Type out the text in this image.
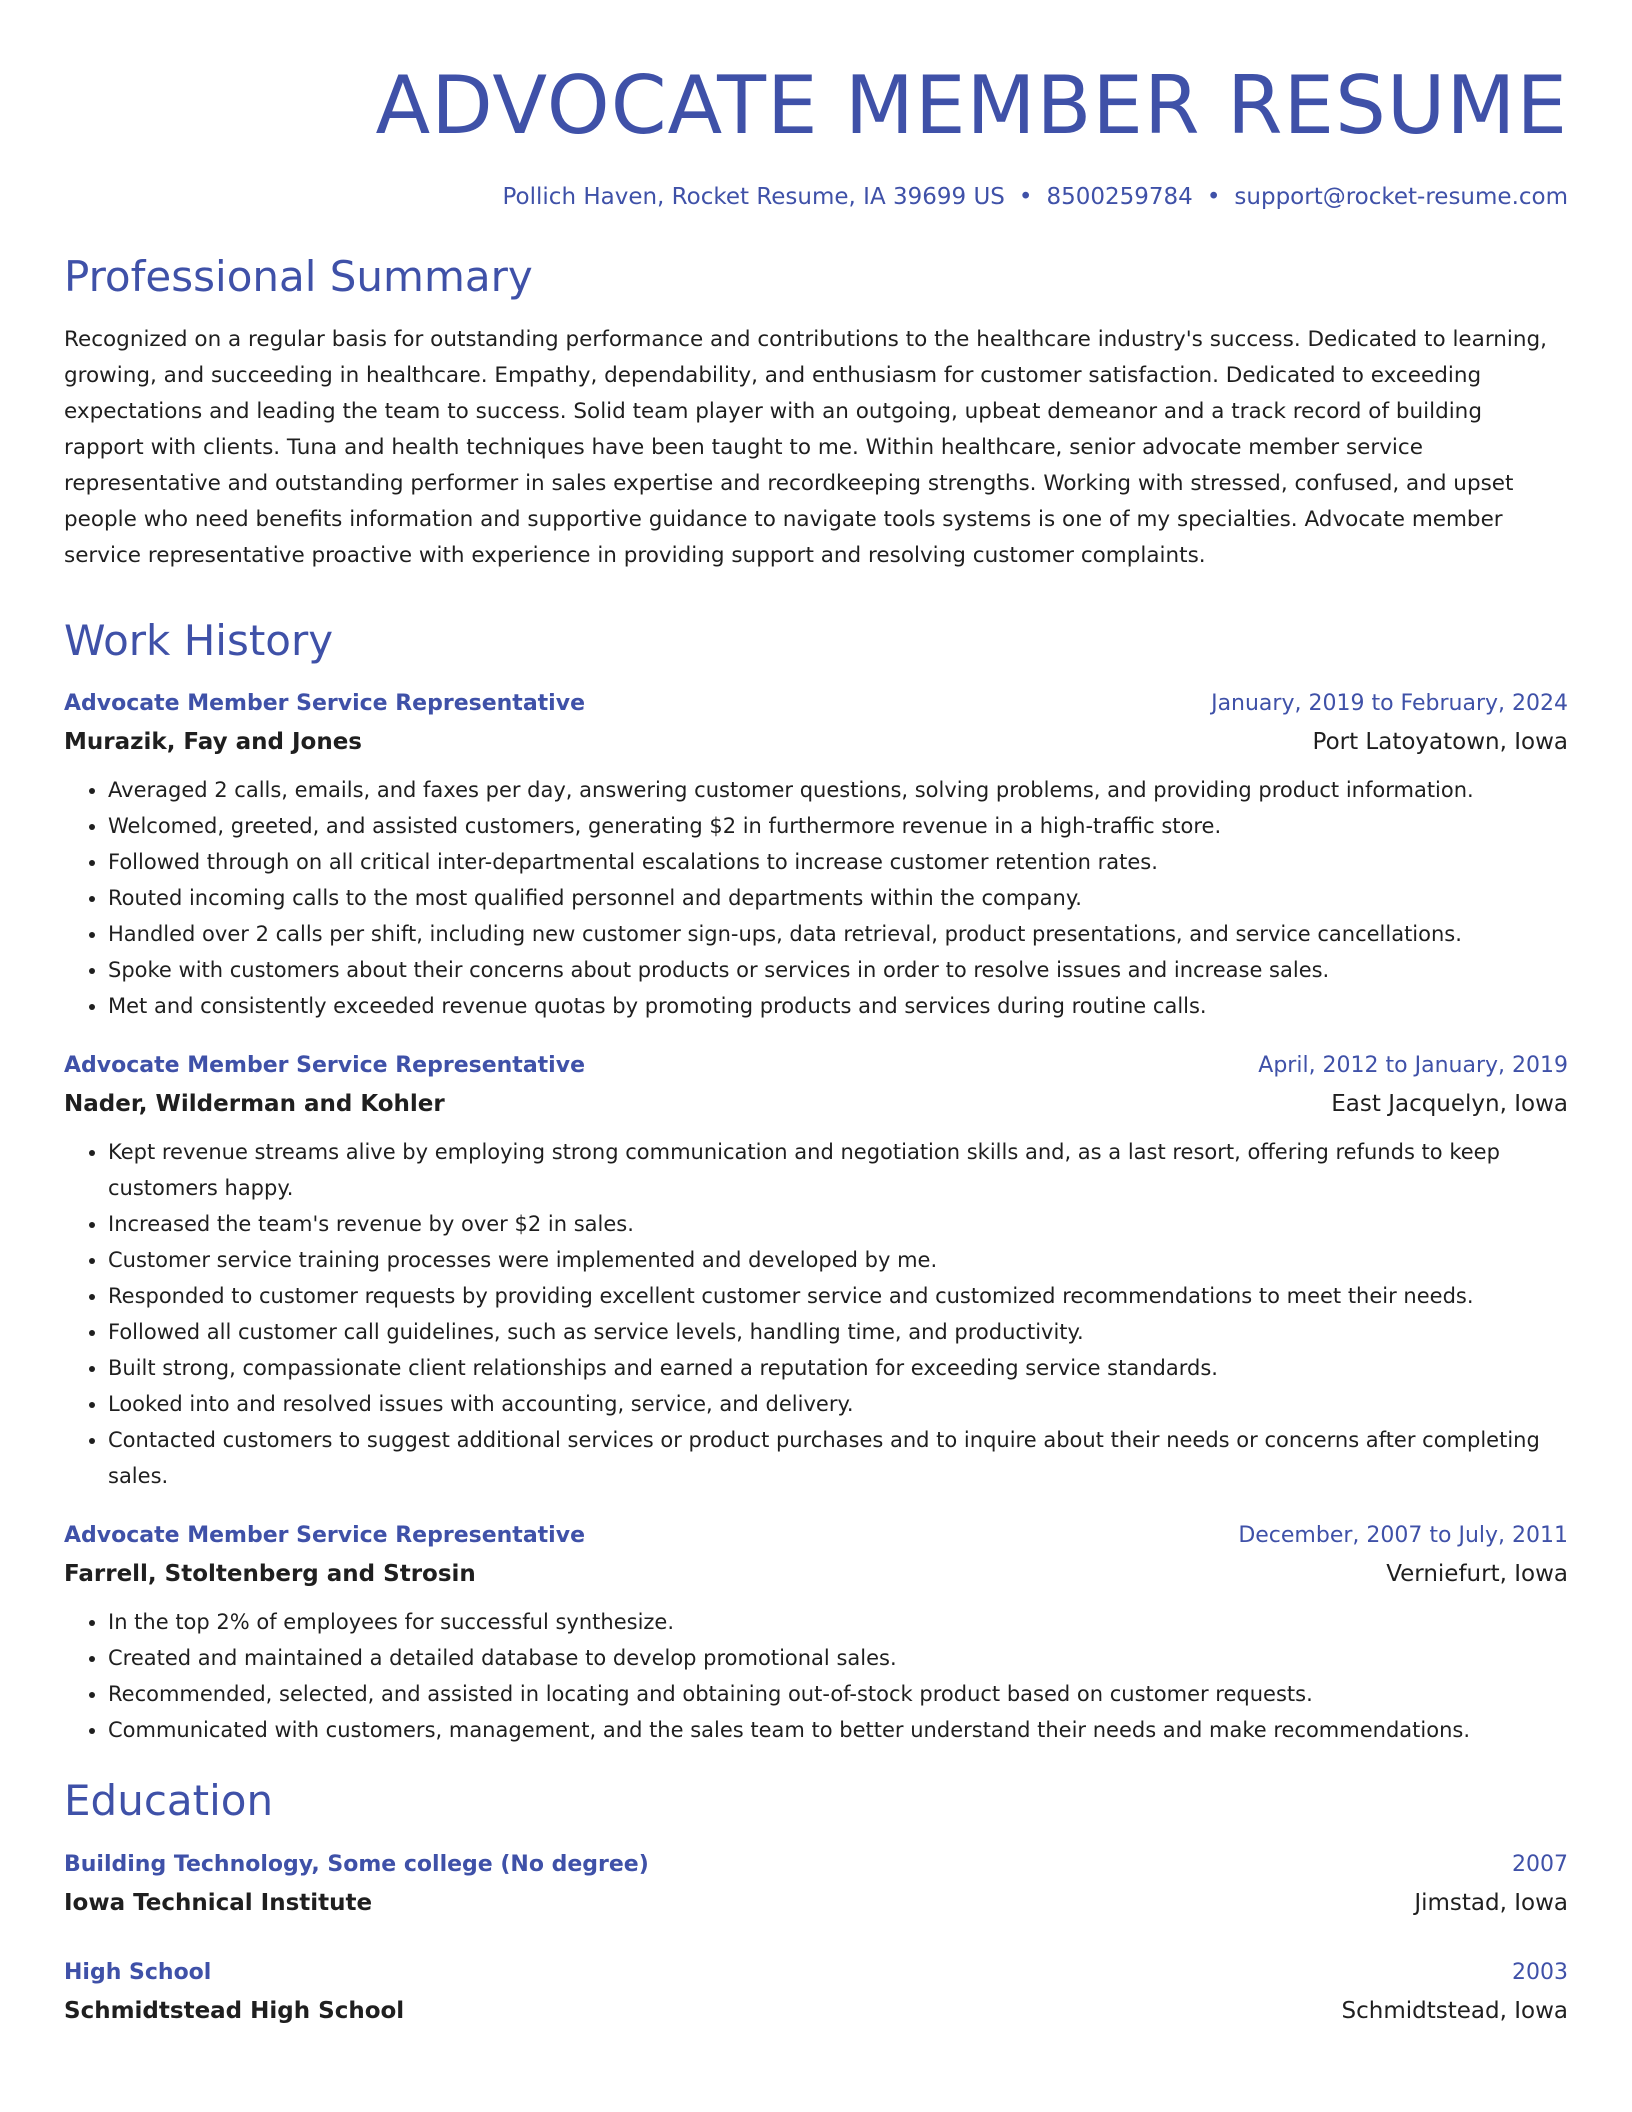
ADVOCATE MEMBER RESUME
Pollich Haven, Rocket Resume, IA 39699 US • 8500259784 • support@rocket-resume.com
Professional Summary

Recognized on a regular basis for outstanding performance and contributions to the healthcare industry's success. Dedicated to learning, growing, and succeeding in healthcare. Empathy, dependability, and enthusiasm for customer satisfaction. Dedicated to exceeding expectations and leading the team to success. Solid team player with an outgoing, upbeat demeanor and a track record of building rapport with clients. Tuna and health techniques have been taught to me. Within healthcare, senior advocate member service representative and outstanding performer in sales expertise and recordkeeping strengths. Working with stressed, confused, and upset people who need benefits information and supportive guidance to navigate tools systems is one of my specialties. Advocate member service representative proactive with experience in providing support and resolving customer complaints.

Work History
Advocate Member Service Representative	January, 2019 to February, 2024
Murazik, Fay and Jones	Port Latoyatown, Iowa
• Averaged 2 calls, emails, and faxes per day, answering customer questions, solving problems, and providing product information.
• Welcomed, greeted, and assisted customers, generating $2 in furthermore revenue in a high-traffic store.
• Followed through on all critical inter-departmental escalations to increase customer retention rates.
• Routed incoming calls to the most qualified personnel and departments within the company.
• Handled over 2 calls per shift, including new customer sign-ups, data retrieval, product presentations, and service cancellations.
• Spoke with customers about their concerns about products or services in order to resolve issues and increase sales.
• Met and consistently exceeded revenue quotas by promoting products and services during routine calls.
Advocate Member Service Representative	April, 2012 to January, 2019
Nader, Wilderman and Kohler	East Jacquelyn, Iowa
• Kept revenue streams alive by employing strong communication and negotiation skills and, as a last resort, offering refunds to keep customers happy.
• Increased the team's revenue by over $2 in sales.
• Customer service training processes were implemented and developed by me.
• Responded to customer requests by providing excellent customer service and customized recommendations to meet their needs.
• Followed all customer call guidelines, such as service levels, handling time, and productivity.
• Built strong, compassionate client relationships and earned a reputation for exceeding service standards.
• Looked into and resolved issues with accounting, service, and delivery.
• Contacted customers to suggest additional services or product purchases and to inquire about their needs or concerns after completing sales.
Advocate Member Service Representative	December, 2007 to July, 2011
Farrell, Stoltenberg and Strosin	Verniefurt, Iowa
• In the top 2% of employees for successful synthesize.
• Created and maintained a detailed database to develop promotional sales.
• Recommended, selected, and assisted in locating and obtaining out-of-stock product based on customer requests.
• Communicated with customers, management, and the sales team to better understand their needs and make recommendations.
Education
Building Technology, Some college (No degree)	2007
Iowa Technical Institute	Jimstad, Iowa
High School	2003
Schmidtstead High School	Schmidtstead, Iowa
